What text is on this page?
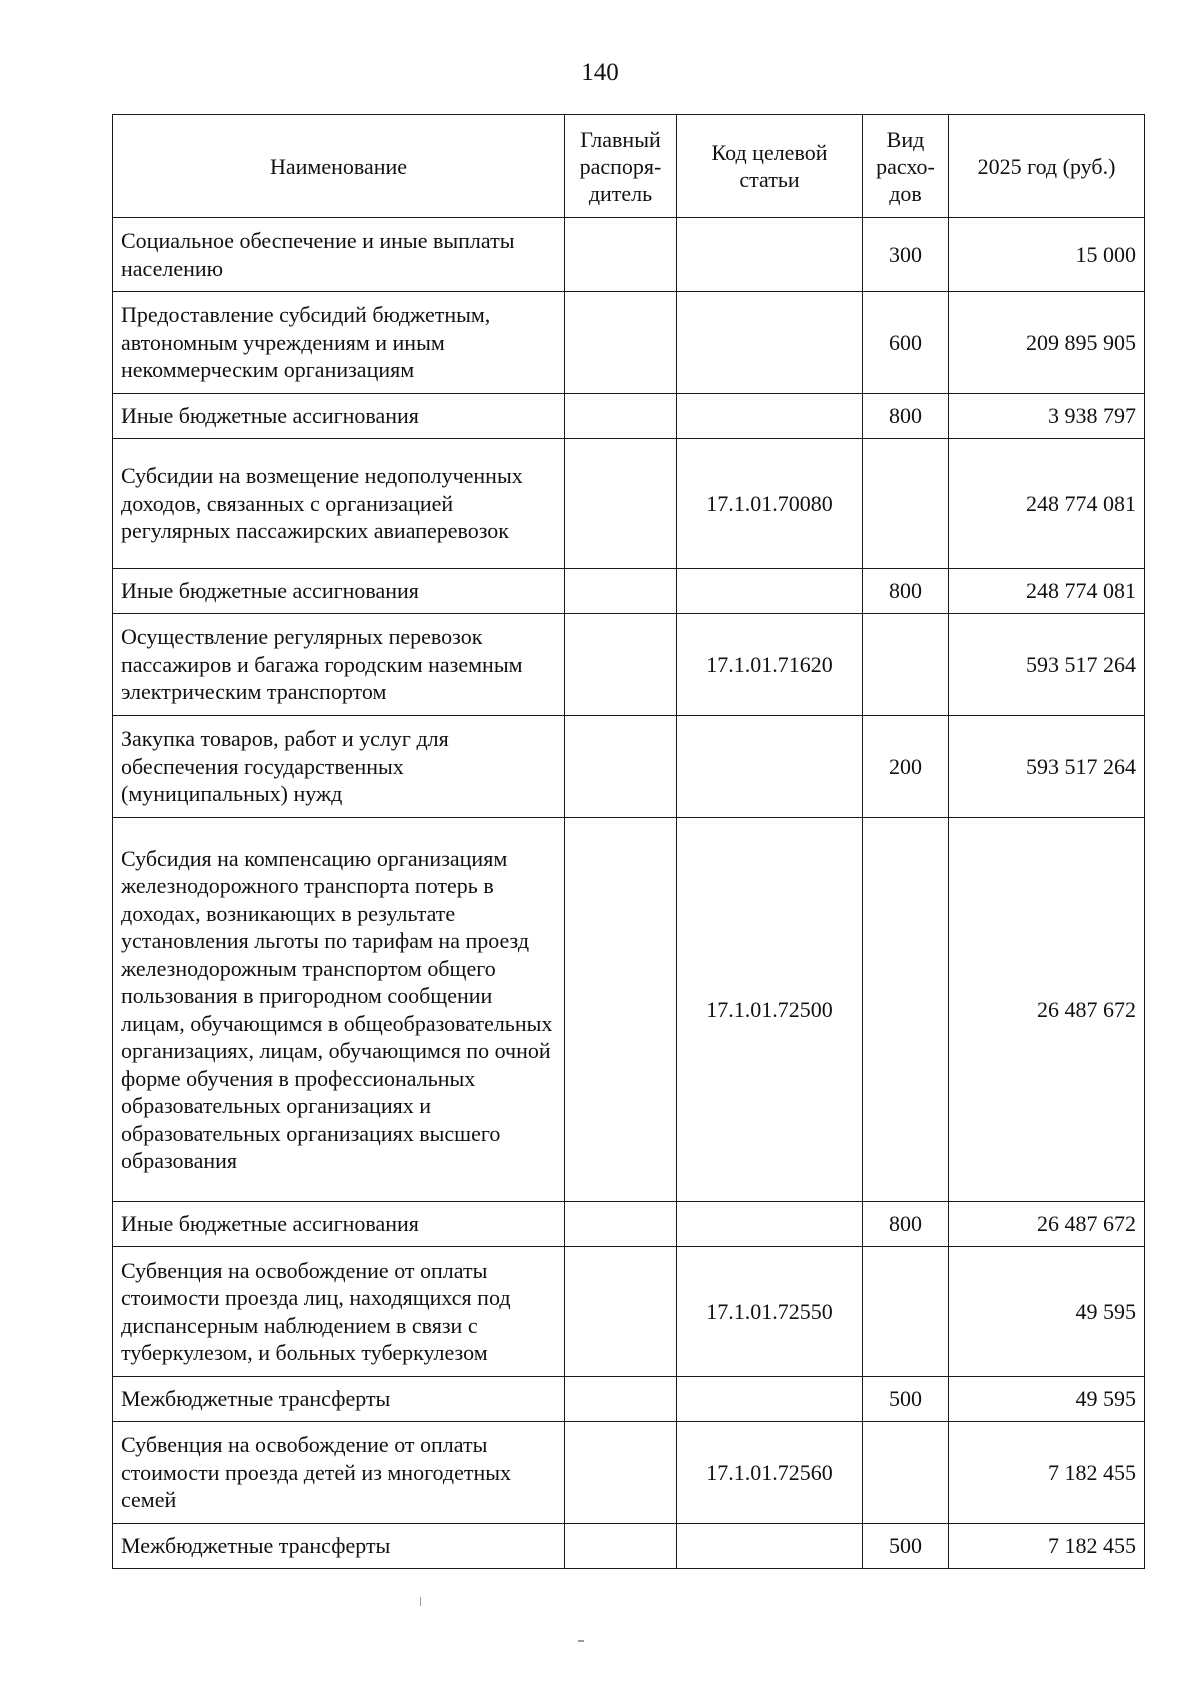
140
Наименование	Главный распоря-дитель	Код целевой статьи	Вид расхо-дов	2025 год (руб.)
Социальное обеспечение и иные выплаты населению			300	15 000
Предоставление субсидий бюджетным, автономным учреждениям и иным некоммерческим организациям			600	209 895 905
Иные бюджетные ассигнования			800	3 938 797
Субсидии на возмещение недополученных доходов, связанных с организацией регулярных пассажирских авиаперевозок		17.1.01.70080		248 774 081
Иные бюджетные ассигнования			800	248 774 081
Осуществление регулярных перевозок пассажиров и багажа городским наземным электрическим транспортом		17.1.01.71620		593 517 264
Закупка товаров, работ и услуг для обеспечения государственных (муниципальных) нужд			200	593 517 264
Субсидия на компенсацию организациям железнодорожного транспорта потерь в доходах, возникающих в результате установления льготы по тарифам на проезд железнодорожным транспортом общего пользования в пригородном сообщении лицам, обучающимся в общеобразовательных организациях, лицам, обучающимся по очной форме обучения в профессиональных образовательных организациях и образовательных организациях высшего образования		17.1.01.72500		26 487 672
Иные бюджетные ассигнования			800	26 487 672
Субвенция на освобождение от оплаты стоимости проезда лиц, находящихся под диспансерным наблюдением в связи с туберкулезом, и больных туберкулезом		17.1.01.72550		49 595
Межбюджетные трансферты			500	49 595
Субвенция на освобождение от оплаты стоимости проезда детей из многодетных семей		17.1.01.72560		7 182 455
Межбюджетные трансферты			500	7 182 455
